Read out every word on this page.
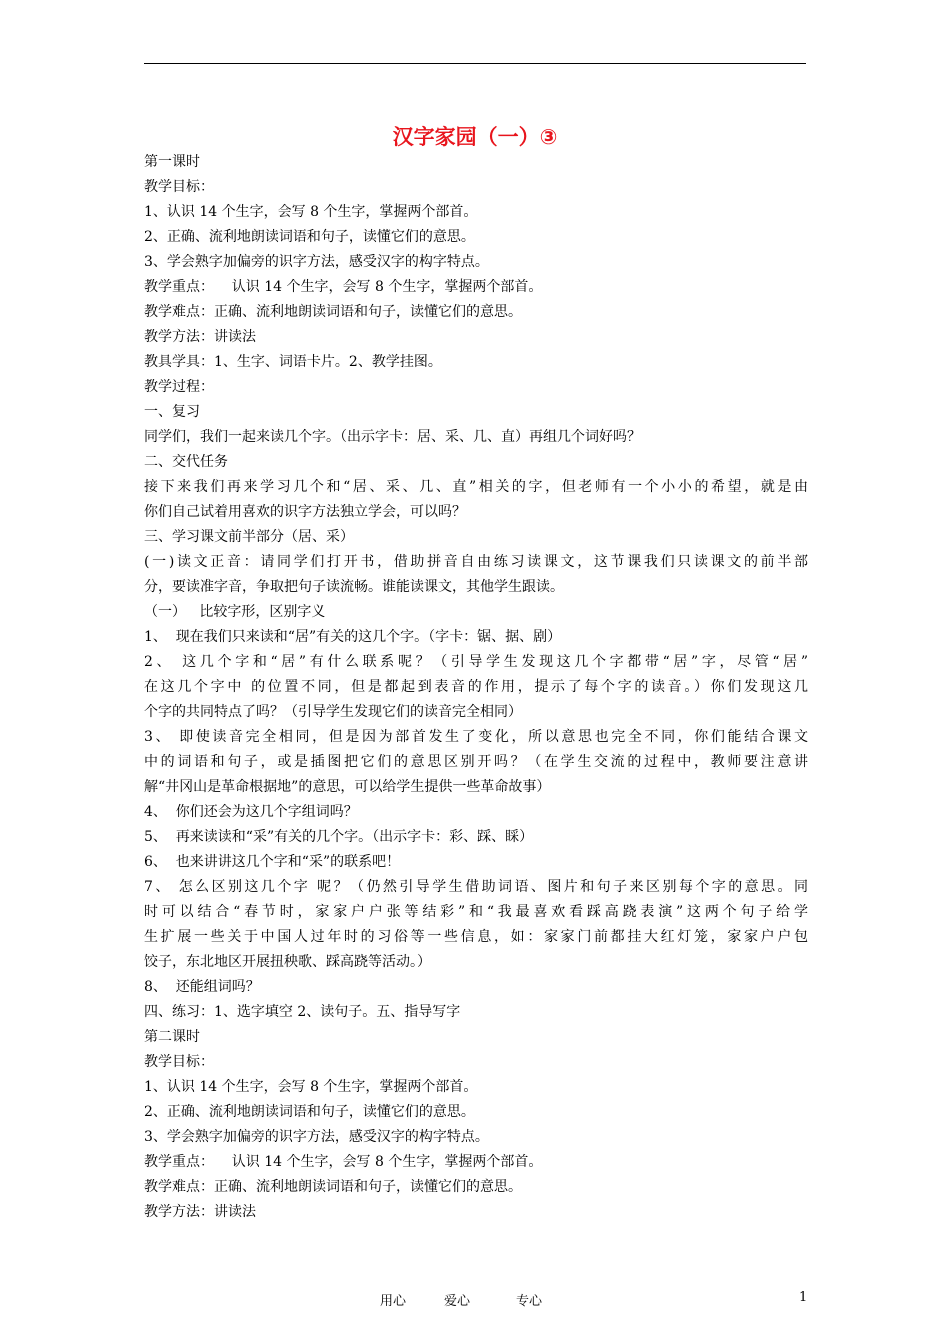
汉字家园（一）③
第一课时
教学目标：
1、认识 14 个生字，会写 8 个生字，掌握两个部首。
2、正确、流利地朗读词语和句子，读懂它们的意思。
3、学会熟字加偏旁的识字方法，感受汉字的构字特点。
教学重点：    认识 14 个生字，会写 8 个生字，掌握两个部首。
教学难点：正确、流利地朗读词语和句子，读懂它们的意思。
教学方法：讲读法
教具学具：1、生字、词语卡片。2、教学挂图。
教学过程：
一、复习
同学们，我们一起来读几个字。（出示字卡：居、采、几、直）再组几个词好吗？
二、交代任务
接下来我们再来学习几个和“居、采、几、直”相关的字，但老师有一个小小的希望，就是由
你们自己试着用喜欢的识字方法独立学会，可以吗？
三、学习课文前半部分（居、采）
(一)读文正音：请同学们打开书，借助拼音自由练习读课文，这节课我们只读课文的前半部
分，要读准字音，争取把句子读流畅。谁能读课文，其他学生跟读。
（一）   比较字形，区别字义
1、  现在我们只来读和“居”有关的这几个字。（字卡：锯、据、剧）
2、 这几个字和“居”有什么联系呢？（引导学生发现这几个字都带“居”字，尽管“居”
在这几个字中 的位置不同，但是都起到表音的作用，提示了每个字的读音。）你们发现这几
个字的共同特点了吗？（引导学生发现它们的读音完全相同）
3、 即使读音完全相同，但是因为部首发生了变化，所以意思也完全不同，你们能结合课文
中的词语和句子，或是插图把它们的意思区别开吗？（在学生交流的过程中，教师要注意讲
解“井冈山是革命根据地”的意思，可以给学生提供一些革命故事）
4、  你们还会为这几个字组词吗？
5、  再来读读和“采”有关的几个字。（出示字卡：彩、踩、睬）
6、  也来讲讲这几个字和“采”的联系吧！
7、 怎么区别这几个字 呢？（仍然引导学生借助词语、图片和句子来区别每个字的意思。同
时可以结合“春节时，家家户户张等结彩”和“我最喜欢看踩高跷表演”这两个句子给学
生扩展一些关于中国人过年时的习俗等一些信息，如：家家门前都挂大红灯笼，家家户户包
饺子，东北地区开展扭秧歌、踩高跷等活动。）
8、  还能组词吗？
四、练习：1、选字填空 2、读句子。五、指导写字
第二课时
教学目标：
1、认识 14 个生字，会写 8 个生字，掌握两个部首。
2、正确、流利地朗读词语和句子，读懂它们的意思。
3、学会熟字加偏旁的识字方法，感受汉字的构字特点。
教学重点：    认识 14 个生字，会写 8 个生字，掌握两个部首。
教学难点：正确、流利地朗读词语和句子，读懂它们的意思。
教学方法：讲读法
用心	爱心	专心	1
